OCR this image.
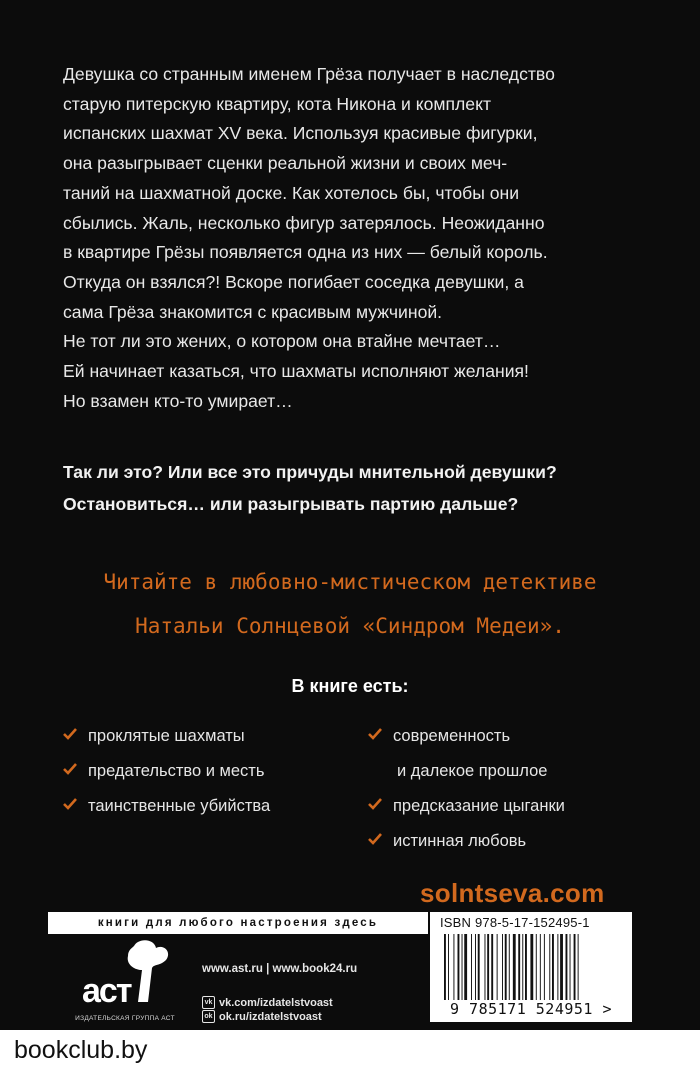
Девушка со странным именем Грёза получает в наследство
старую питерскую квартиру, кота Никона и комплект
испанских шахмат XV века. Используя красивые фигурки,
она разыгрывает сценки реальной жизни и своих меч-
таний на шахматной доске. Как хотелось бы, чтобы они
сбылись. Жаль, несколько фигур затерялось. Неожиданно
в квартире Грёзы появляется одна из них — белый король.
Откуда он взялся?! Вскоре погибает соседка девушки, а
сама Грёза знакомится с красивым мужчиной.
Не тот ли это жених, о котором она втайне мечтает…
Ей начинает казаться, что шахматы исполняют желания!
Но взамен кто-то умирает…
Так ли это? Или все это причуды мнительной девушки?
Остановиться… или разыгрывать партию дальше?
Читайте в любовно-мистическом детективе
Натальи Солнцевой «Синдром Медеи».
В книге есть:
проклятые шахматы
предательство и месть
таинственные убийства
современность
и далекое прошлое
предсказание цыганки
истинная любовь
solntseva.com
книги для любого настроения здесь
аст
ИЗДАТЕЛЬСКАЯ ГРУППА АСТ
www.ast.ru | www.book24.ru
vk vk.com/izdatelstvoast
ok ok.ru/izdatelstvoast
ISBN 978-5-17-152495-1
9 785171 524951 >
bookclub.by
